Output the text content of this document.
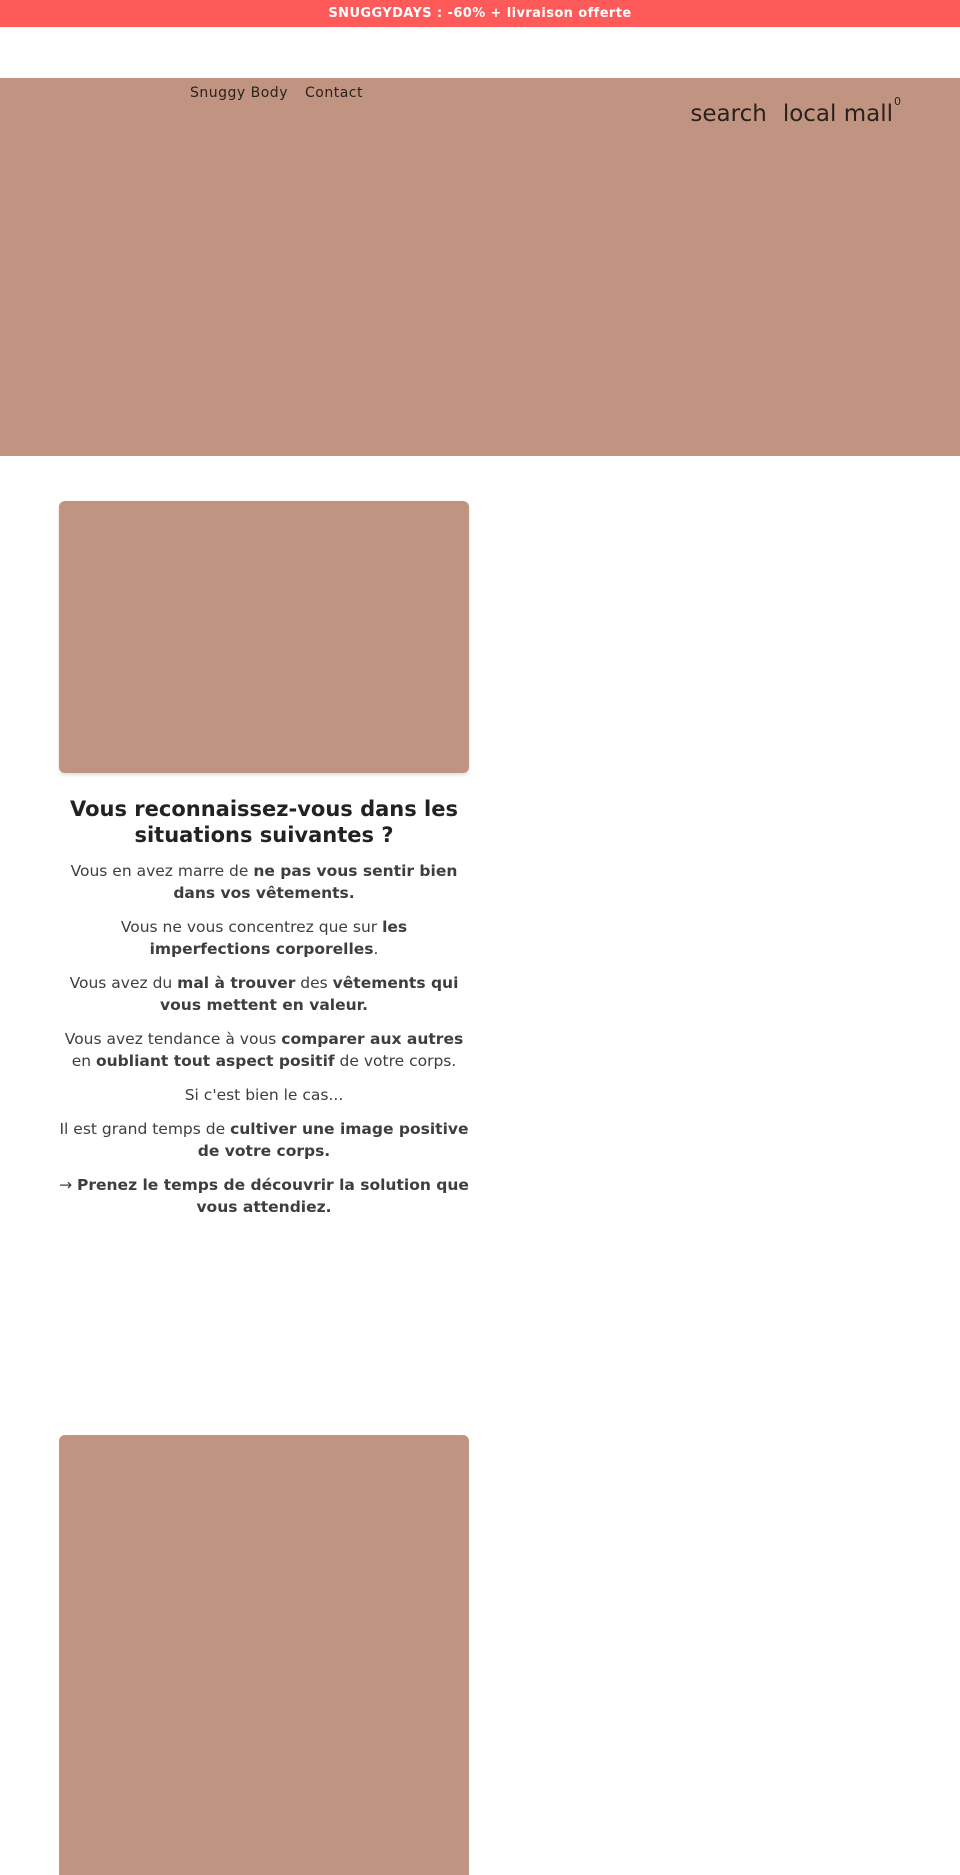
SNUGGYDAYS : -60% + livraison offerte
Snuggy Body Contact
search local mall 0
Vous reconnaissez-vous dans les situations suivantes ?

Vous en avez marre de ne pas vous sentir bien dans vos vêtements.

Vous ne vous concentrez que sur les imperfections corporelles.

Vous avez du mal à trouver des vêtements qui vous mettent en valeur.

Vous avez tendance à vous comparer aux autres en oubliant tout aspect positif de votre corps.

Si c'est bien le cas...

Il est grand temps de cultiver une image positive de votre corps.

→ Prenez le temps de découvrir la solution que vous attendiez.
